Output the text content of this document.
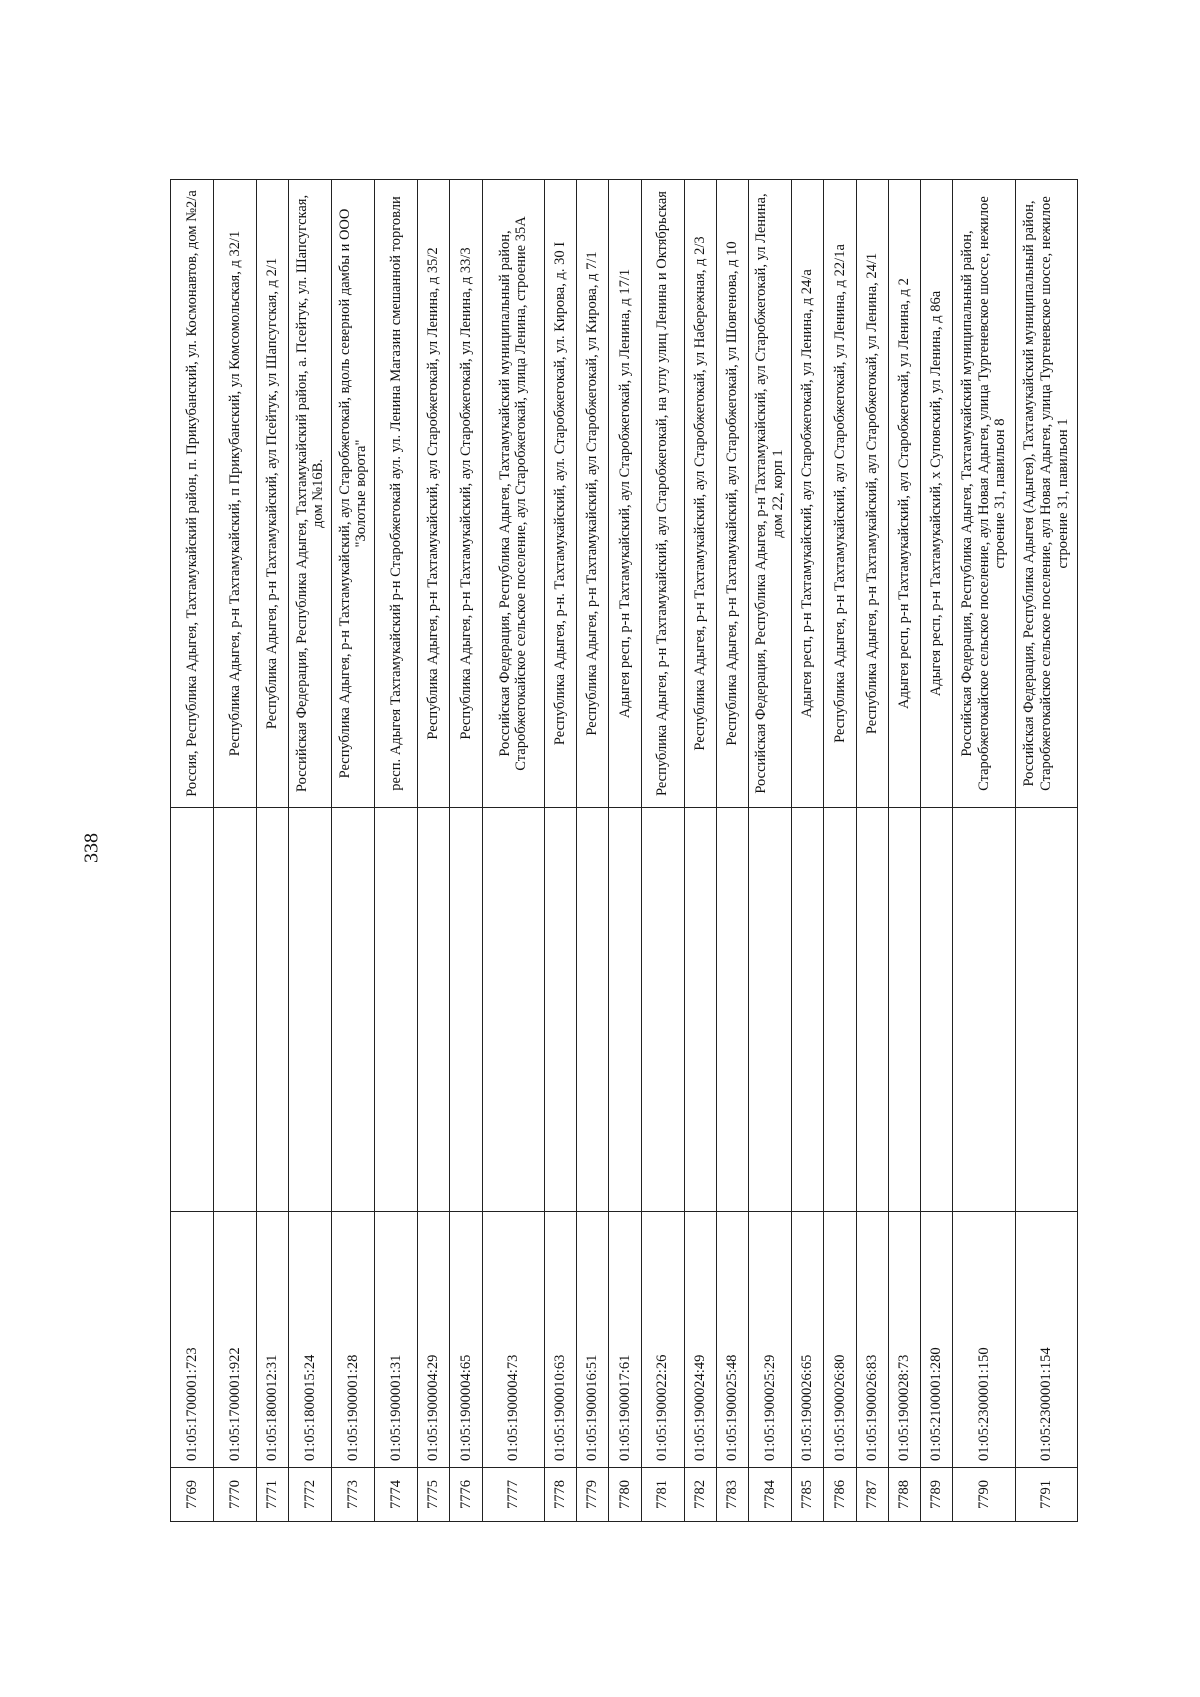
338
7769	01:05:1700001:723		Россия, Республика Адыгея, Тахтамукайский район, п. Прикубанский, ул. Космонавтов, дом №2/а
7770	01:05:1700001:922		Республика Адыгея, р-н Тахтамукайский, п Прикубанский, ул Комсомольская, д 32/1
7771	01:05:1800012:31		Республика Адыгея, р-н Тахтамукайский, аул Псейтук, ул Шапсугская, д 2/1
7772	01:05:1800015:24		Российская Федерация, Республика Адыгея, Тахтамукайский район, а. Псейтук, ул. Шапсугская, дом №16В.
7773	01:05:1900001:28		Республика Адыгея, р-н Тахтамукайский, аул Старобжегокай, вдоль северной дамбы и ООО "Золотые ворота"
7774	01:05:1900001:31		респ. Адыгея Тахтамукайский р-н Старобжегокай аул. ул. Ленина Магазин смешанной торговли
7775	01:05:1900004:29		Республика Адыгея, р-н Тахтамукайский, аул Старобжегокай, ул Ленина, д 35/2
7776	01:05:1900004:65		Республика Адыгея, р-н Тахтамукайский, аул Старобжегокай, ул Ленина, д 33/3
7777	01:05:1900004:73		Российская Федерация, Республика Адыгея, Тахтамукайский муниципальный район, Старобжегокайское сельское поселение, аул Старобжегокай, улица Ленина, строение 35А
7778	01:05:1900010:63		Республика Адыгея, р-н. Тахтамукайский, аул. Старобжегокай, ул. Кирова, д. 30 І
7779	01:05:1900016:51		Республика Адыгея, р-н Тахтамукайский, аул Старобжегокай, ул Кирова, д 7/1
7780	01:05:1900017:61		Адыгея респ, р-н Тахтамукайский, аул Старобжегокай, ул Ленина, д 17/1
7781	01:05:1900022:26		Республика Адыгея, р-н Тахтамукайский, аул Старобжегокай, на углу улиц Ленина и Октябрьская
7782	01:05:1900024:49		Республика Адыгея, р-н Тахтамукайский, аул Старобжегокай, ул Набережная, д 2/3
7783	01:05:1900025:48		Республика Адыгея, р-н Тахтамукайский, аул Старобжегокай, ул Шовгенова, д 10
7784	01:05:1900025:29		Российская Федерация, Республика Адыгея, р-н Тахтамукайский, аул Старобжегокай, ул Ленина, дом 22, корп 1
7785	01:05:1900026:65		Адыгея респ, р-н Тахтамукайский, аул Старобжегокай, ул Ленина, д 24/а
7786	01:05:1900026:80		Республика Адыгея, р-н Тахтамукайский, аул Старобжегокай, ул Ленина, д 22/1а
7787	01:05:1900026:83		Республика Адыгея, р-н Тахтамукайский, аул Старобжегокай, ул Ленина, 24/1
7788	01:05:1900028:73		Адыгея респ, р-н Тахтамукайский, аул Старобжегокай, ул Ленина, д 2
7789	01:05:2100001:280		Адыгея респ, р-н Тахтамукайский, х Суповский, ул Ленина, д 86а
7790	01:05:2300001:150		Российская Федерация, Республика Адыгея, Тахтамукайский муниципальный район, Старобжегокайское сельское поселение, аул Новая Адыгея, улица Тургеневское шоссе, нежилое строение 31, павильон 8
7791	01:05:2300001:154		Российская Федерация, Республика Адыгея (Адыгея), Тахтамукайский муниципальный район, Старобжегокайское сельское поселение, аул Новая Адыгея, улица Тургеневское шоссе, нежилое строение 31, павильон 1
